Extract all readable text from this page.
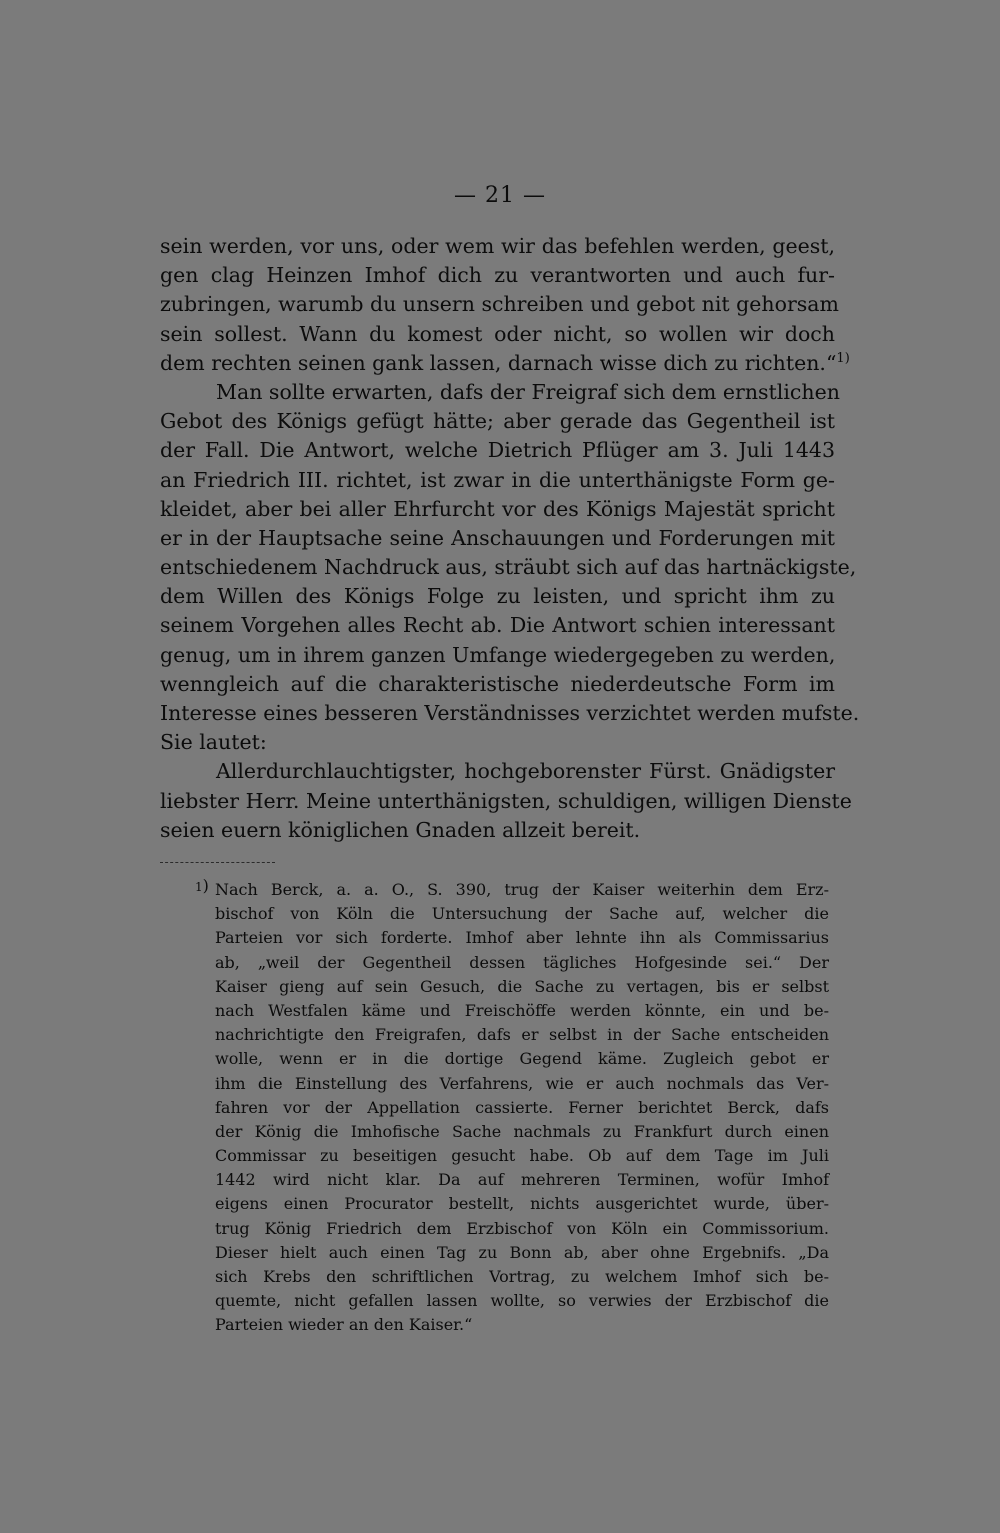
— 21 —
sein werden, vor uns, oder wem wir das befehlen werden, geest,
gen clag Heinzen Imhof dich zu verantworten und auch fur-
zubringen, warumb du unsern schreiben und gebot nit gehorsam
sein sollest. Wann du komest oder nicht, so wollen wir doch
dem rechten seinen gank lassen, darnach wisse dich zu richten.“$^{1)}$
Man sollte erwarten, dafs der Freigraf sich dem ernstlichen
Gebot des Königs gefügt hätte; aber gerade das Gegentheil ist
der Fall. Die Antwort, welche Dietrich Pflüger am 3. Juli 1443
an Friedrich III. richtet, ist zwar in die unterthänigste Form ge-
kleidet, aber bei aller Ehrfurcht vor des Königs Majestät spricht
er in der Hauptsache seine Anschauungen und Forderungen mit
entschiedenem Nachdruck aus, sträubt sich auf das hartnäckigste,
dem Willen des Königs Folge zu leisten, und spricht ihm zu
seinem Vorgehen alles Recht ab. Die Antwort schien interessant
genug, um in ihrem ganzen Umfange wiedergegeben zu werden,
wenngleich auf die charakteristische niederdeutsche Form im
Interesse eines besseren Verständnisses verzichtet werden mufste.
Sie lautet:
Allerdurchlauchtigster, hochgeborenster Fürst. Gnädigster
liebster Herr. Meine unterthänigsten, schuldigen, willigen Dienste
seien euern königlichen Gnaden allzeit bereit.
1) Nach Berck, a. a. O., S. 390, trug der Kaiser weiterhin dem Erz-
bischof von Köln die Untersuchung der Sache auf, welcher die
Parteien vor sich forderte. Imhof aber lehnte ihn als Commissarius
ab, „weil der Gegentheil dessen tägliches Hofgesinde sei.“ Der
Kaiser gieng auf sein Gesuch, die Sache zu vertagen, bis er selbst
nach Westfalen käme und Freischöffe werden könnte, ein und be-
nachrichtigte den Freigrafen, dafs er selbst in der Sache entscheiden
wolle, wenn er in die dortige Gegend käme. Zugleich gebot er
ihm die Einstellung des Verfahrens, wie er auch nochmals das Ver-
fahren vor der Appellation cassierte. Ferner berichtet Berck, dafs
der König die Imhofische Sache nachmals zu Frankfurt durch einen
Commissar zu beseitigen gesucht habe. Ob auf dem Tage im Juli
1442 wird nicht klar. Da auf mehreren Terminen, wofür Imhof
eigens einen Procurator bestellt, nichts ausgerichtet wurde, über-
trug König Friedrich dem Erzbischof von Köln ein Commissorium.
Dieser hielt auch einen Tag zu Bonn ab, aber ohne Ergebnifs. „Da
sich Krebs den schriftlichen Vortrag, zu welchem Imhof sich be-
quemte, nicht gefallen lassen wollte, so verwies der Erzbischof die
Parteien wieder an den Kaiser.“
